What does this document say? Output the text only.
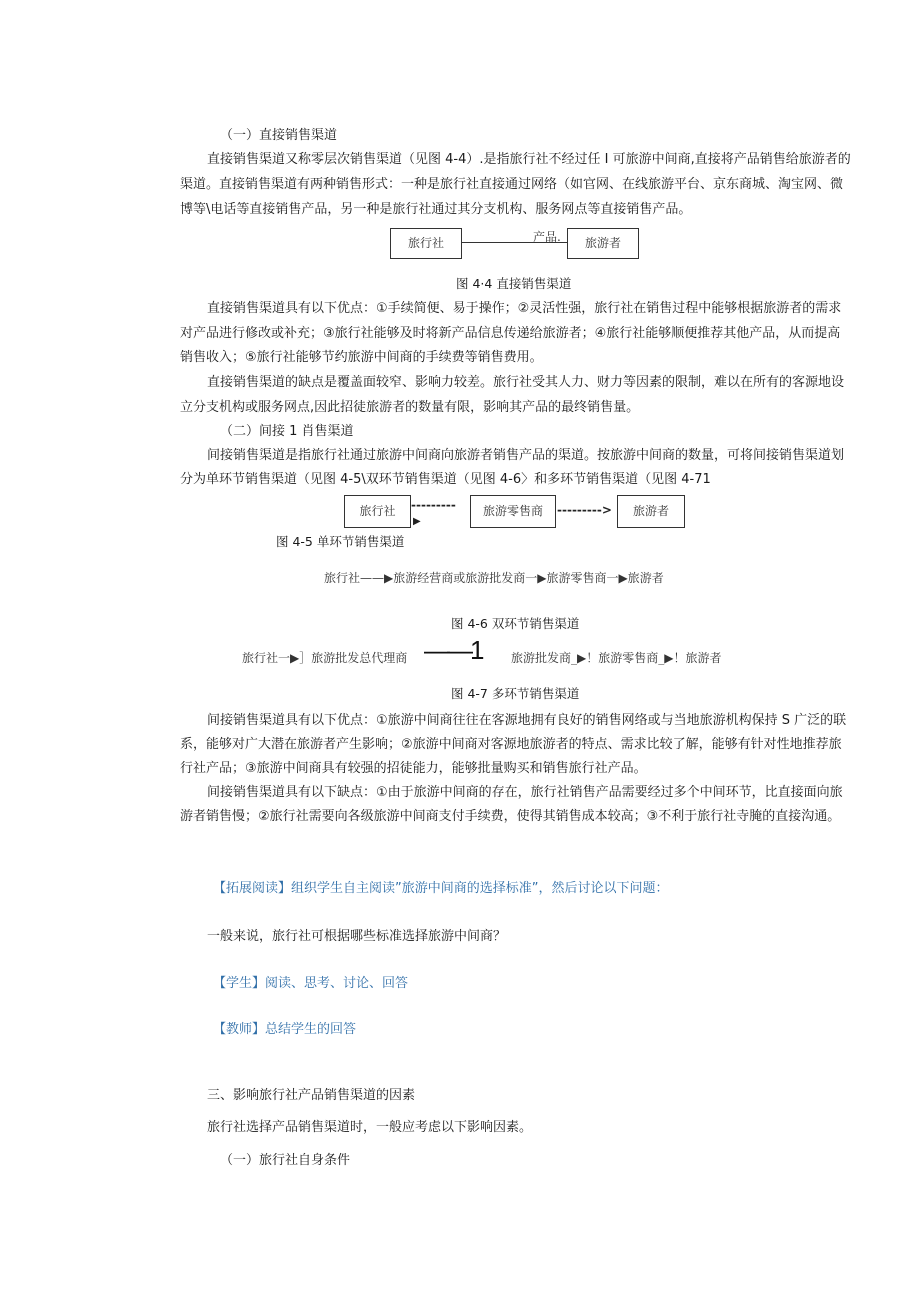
（一）直接销售渠道
直接销售渠道又称零层次销售渠道（见图 4-4）.是指旅行社不经过任 I 可旅游中间商,直接将产品销售给旅游者的
渠道。直接销售渠道有两种销售形式：一种是旅行社直接通过网络（如官网、在线旅游平台、京东商城、淘宝网、微
博等\电话等直接销售产品，另一种是旅行社通过其分支机构、服务网点等直接销售产品。
旅行社	产品.	旅游者
图 4·4 直接销售渠道
直接销售渠道具有以下优点：①手续简便、易于操作；②灵活性强，旅行社在销售过程中能够根据旅游者的需求
对产品进行修改或补充；③旅行社能够及时将新产品信息传递给旅游者；④旅行社能够顺便推荐其他产品，从而提高
销售收入；⑤旅行社能够节约旅游中间商的手续费等销售费用。
直接销售渠道的缺点是覆盖面较窄、影响力较差。旅行社受其人力、财力等因素的限制，难以在所有的客源地设
立分支机构或服务网点,因此招徒旅游者的数量有限，影响其产品的最终销售量。
（二）间接 1 肖售渠道
间接销售渠道是指旅行社通过旅游中间商向旅游者销售产品的渠道。按旅游中间商的数量，可将间接销售渠道划
分为单环节销售渠道（见图 4-5\双环节销售渠道（见图 4-6〉和多环节销售渠道（见图 4-71
旅行社	---------
▶
旅游零售商	--------->	旅游者
图 4-5 单环节销售渠道
旅行社——▶旅游经营商或旅游批发商一▶旅游零售商一▶旅游者
图 4-6 双环节销售渠道
旅行社一▶］旅游批发总代理商 ——1 旅游批发商_▶！旅游零售商_▶！旅游者
图 4-7 多环节销售渠道
间接销售渠道具有以下优点：①旅游中间商往往在客源地拥有良好的销售网络或与当地旅游机构保持 S 广泛的联
系，能够对广大潜在旅游者产生影响；②旅游中间商对客源地旅游者的特点、需求比较了解，能够有针对性地推荐旅
行社产品；③旅游中间商具有较强的招徒能力，能够批量购买和销售旅行社产品。
间接销售渠道具有以下缺点：①由于旅游中间商的存在，旅行社销售产品需要经过多个中间环节，比直接面向旅
游者销售慢；②旅行社需要向各级旅游中间商支付手续费，使得其销售成本较高；③不利于旅行社寺腌的直接沟通。
【拓展阅读】组织学生自主阅读”旅游中间商的选择标准”，然后讨论以下问题：
一般来说，旅行社可根据哪些标准选择旅游中间商？
【学生】阅读、思考、讨论、回答
【教师】总结学生的回答
三、影响旅行社产品销售渠道的因素
旅行社选择产品销售渠道时，一般应考虑以下影响因素。
（一）旅行社自身条件
